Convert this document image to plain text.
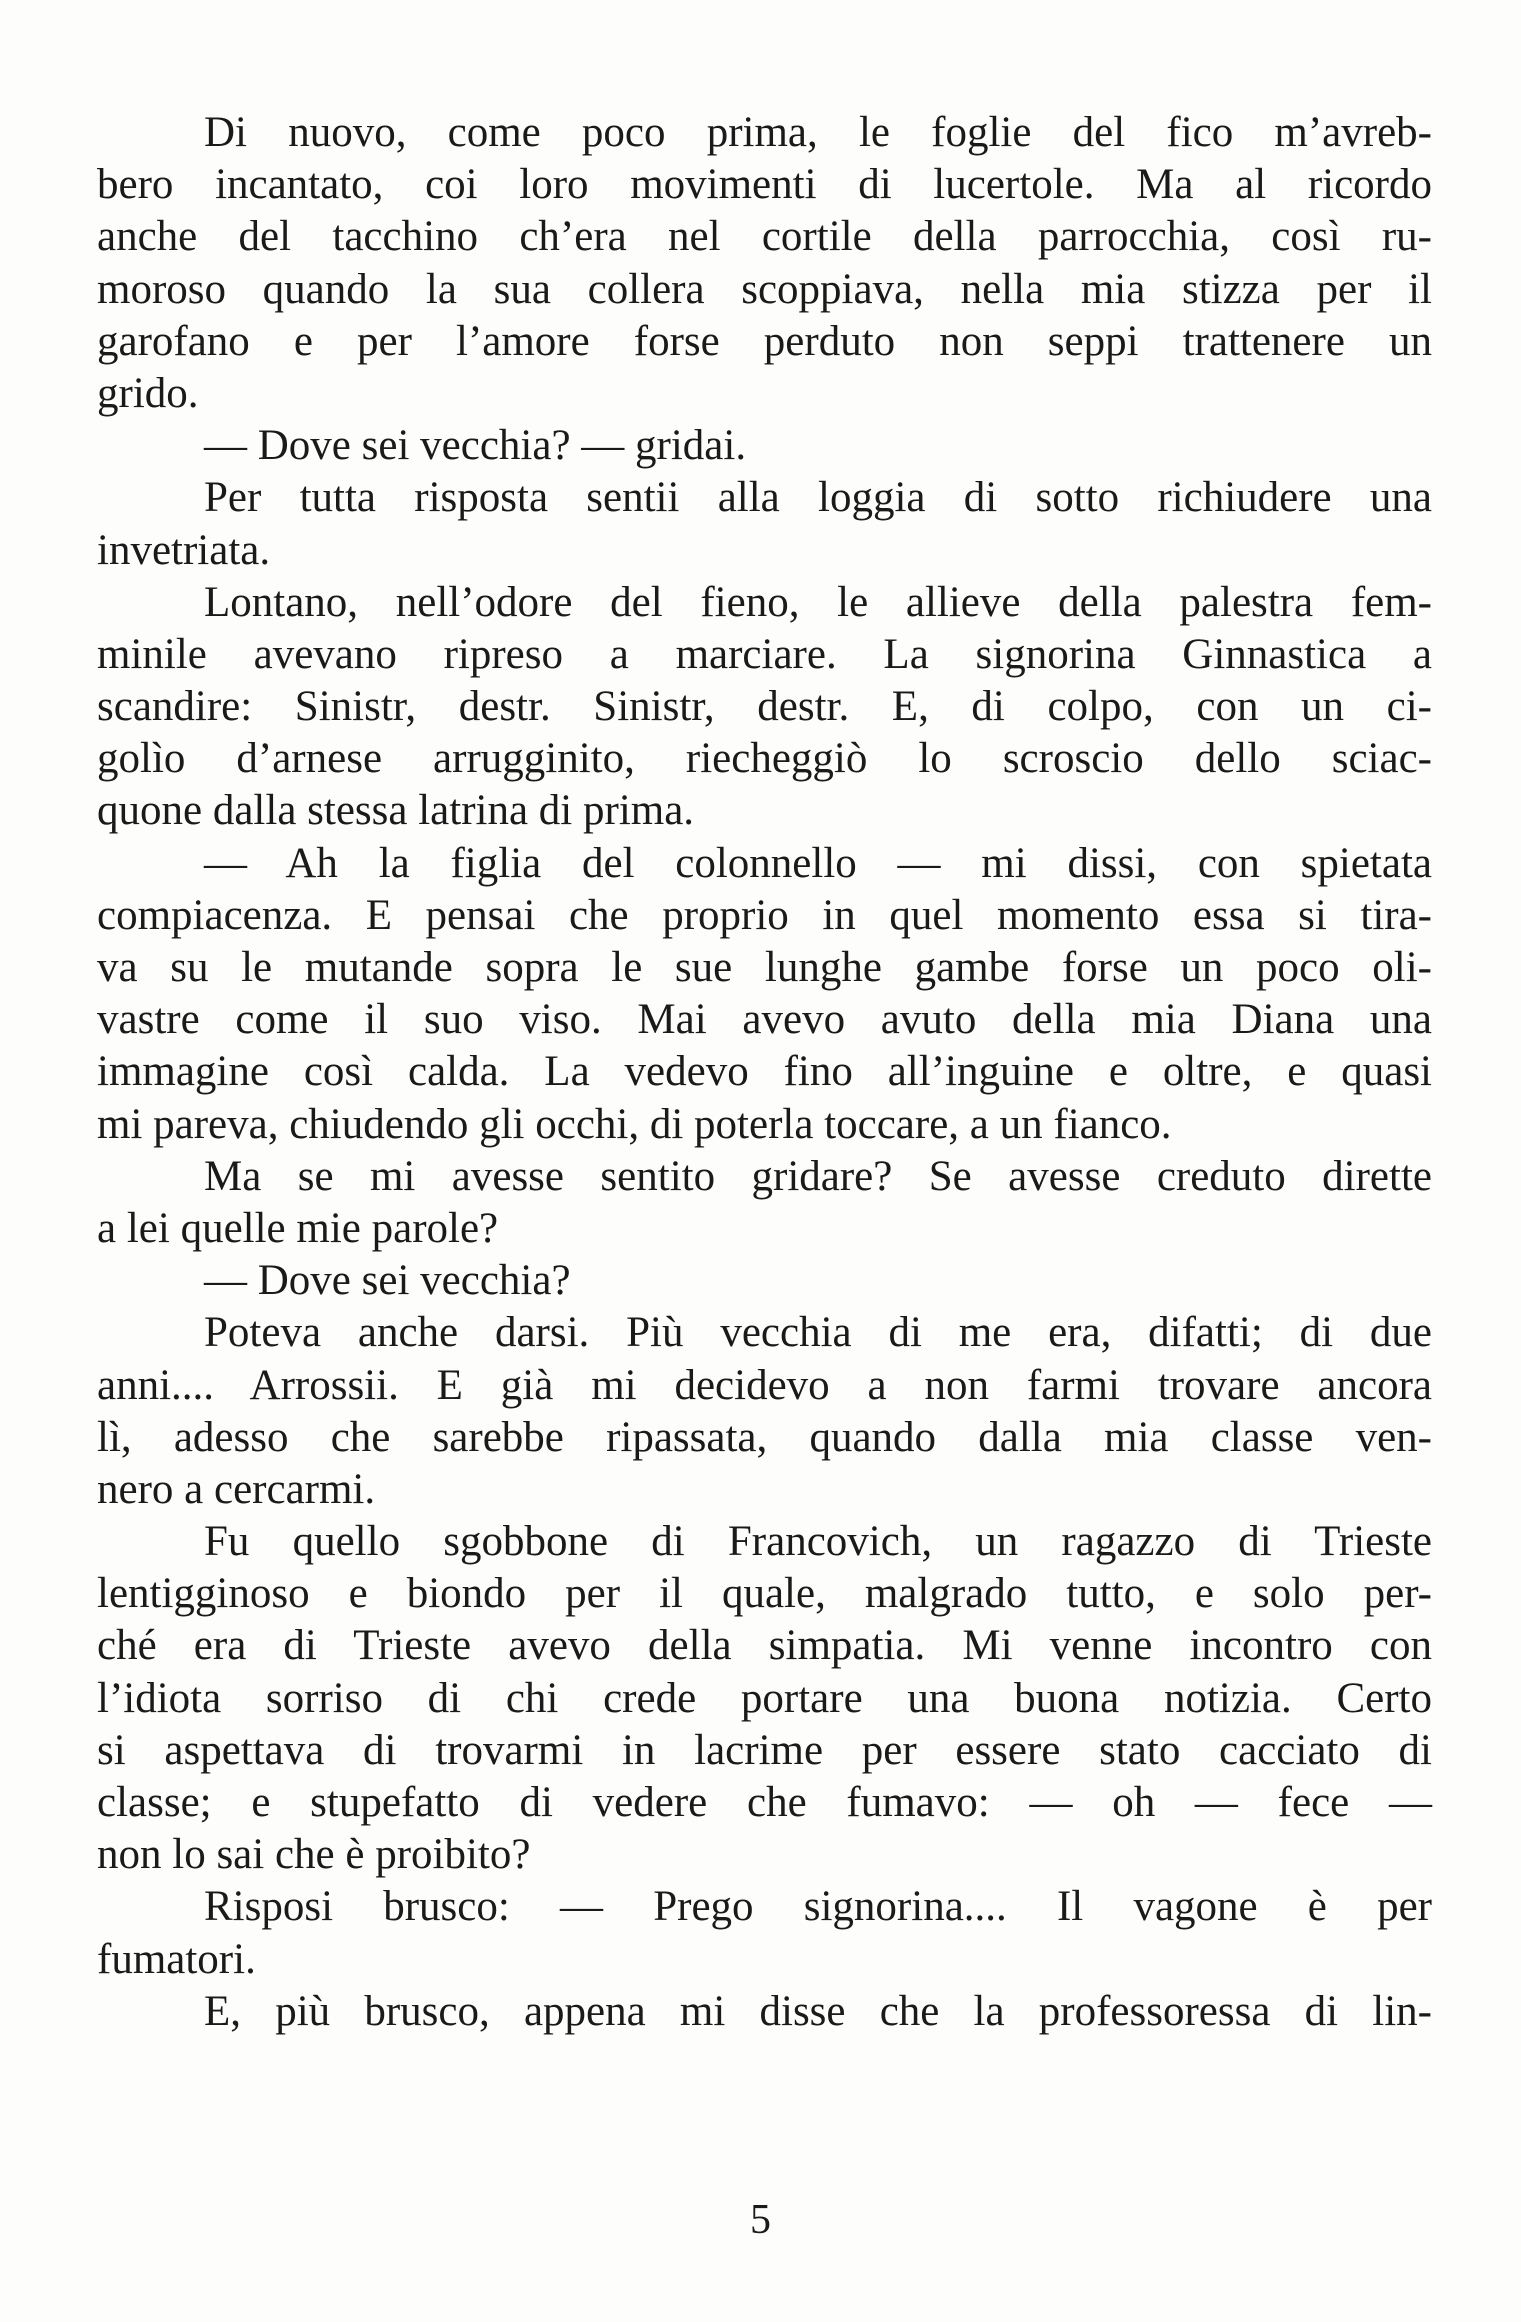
Di nuovo, come poco prima, le foglie del fico m’avreb-
bero incantato, coi loro movimenti di lucertole. Ma al ricordo
anche del tacchino ch’era nel cortile della parrocchia, così ru-
moroso quando la sua collera scoppiava, nella mia stizza per il
garofano e per l’amore forse perduto non seppi trattenere un
grido.
— Dove sei vecchia? — gridai.
Per tutta risposta sentii alla loggia di sotto richiudere una
invetriata.
Lontano, nell’odore del fieno, le allieve della palestra fem-
minile avevano ripreso a marciare. La signorina Ginnastica a
scandire: Sinistr, destr. Sinistr, destr. E, di colpo, con un ci-
golìo d’arnese arrugginito, riecheggiò lo scroscio dello sciac-
quone dalla stessa latrina di prima.
— Ah la figlia del colonnello — mi dissi, con spietata
compiacenza. E pensai che proprio in quel momento essa si tira-
va su le mutande sopra le sue lunghe gambe forse un poco oli-
vastre come il suo viso. Mai avevo avuto della mia Diana una
immagine così calda. La vedevo fino all’inguine e oltre, e quasi
mi pareva, chiudendo gli occhi, di poterla toccare, a un fianco.
Ma se mi avesse sentito gridare? Se avesse creduto dirette
a lei quelle mie parole?
— Dove sei vecchia?
Poteva anche darsi. Più vecchia di me era, difatti; di due
anni.... Arrossii. E già mi decidevo a non farmi trovare ancora
lì, adesso che sarebbe ripassata, quando dalla mia classe ven-
nero a cercarmi.
Fu quello sgobbone di Francovich, un ragazzo di Trieste
lentigginoso e biondo per il quale, malgrado tutto, e solo per-
ché era di Trieste avevo della simpatia. Mi venne incontro con
l’idiota sorriso di chi crede portare una buona notizia. Certo
si aspettava di trovarmi in lacrime per essere stato cacciato di
classe; e stupefatto di vedere che fumavo: — oh — fece —
non lo sai che è proibito?
Risposi brusco: — Prego signorina.... Il vagone è per
fumatori.
E, più brusco, appena mi disse che la professoressa di lin-
5
